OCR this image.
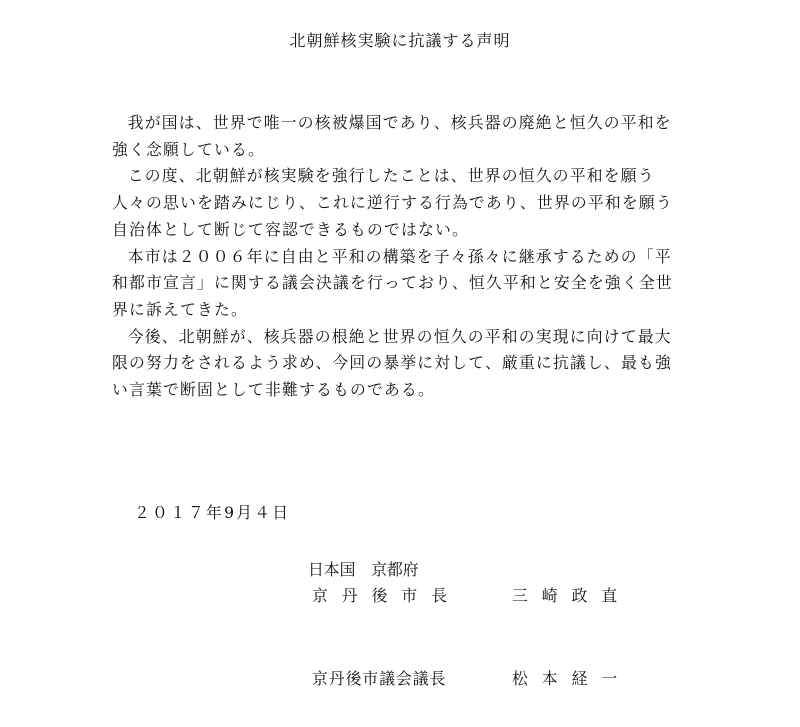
北朝鮮核実験に抗議する声明

我が国は、世界で唯一の核被爆国であり、核兵器の廃絶と恒久の平和を強く念願している。

この度、北朝鮮が核実験を強行したことは、世界の恒久の平和を願う人々の思いを踏みにじり、これに逆行する行為であり、世界の平和を願う自治体として断じて容認できるものではない。

本市は２００６年に自由と平和の構築を子々孫々に継承するための「平和都市宣言」に関する議会決議を行っており、恒久平和と安全を強く全世界に訴えてきた。

今後、北朝鮮が、核兵器の根絶と世界の恒久の平和の実現に向けて最大限の努力をされるよう求め、今回の暴挙に対して、厳重に抗議し、最も強い言葉で断固として非難するものである。

２０１７年9月４日
日本国　京都府
京丹後市長	三崎政直
京丹後市議会議長	松本経一
